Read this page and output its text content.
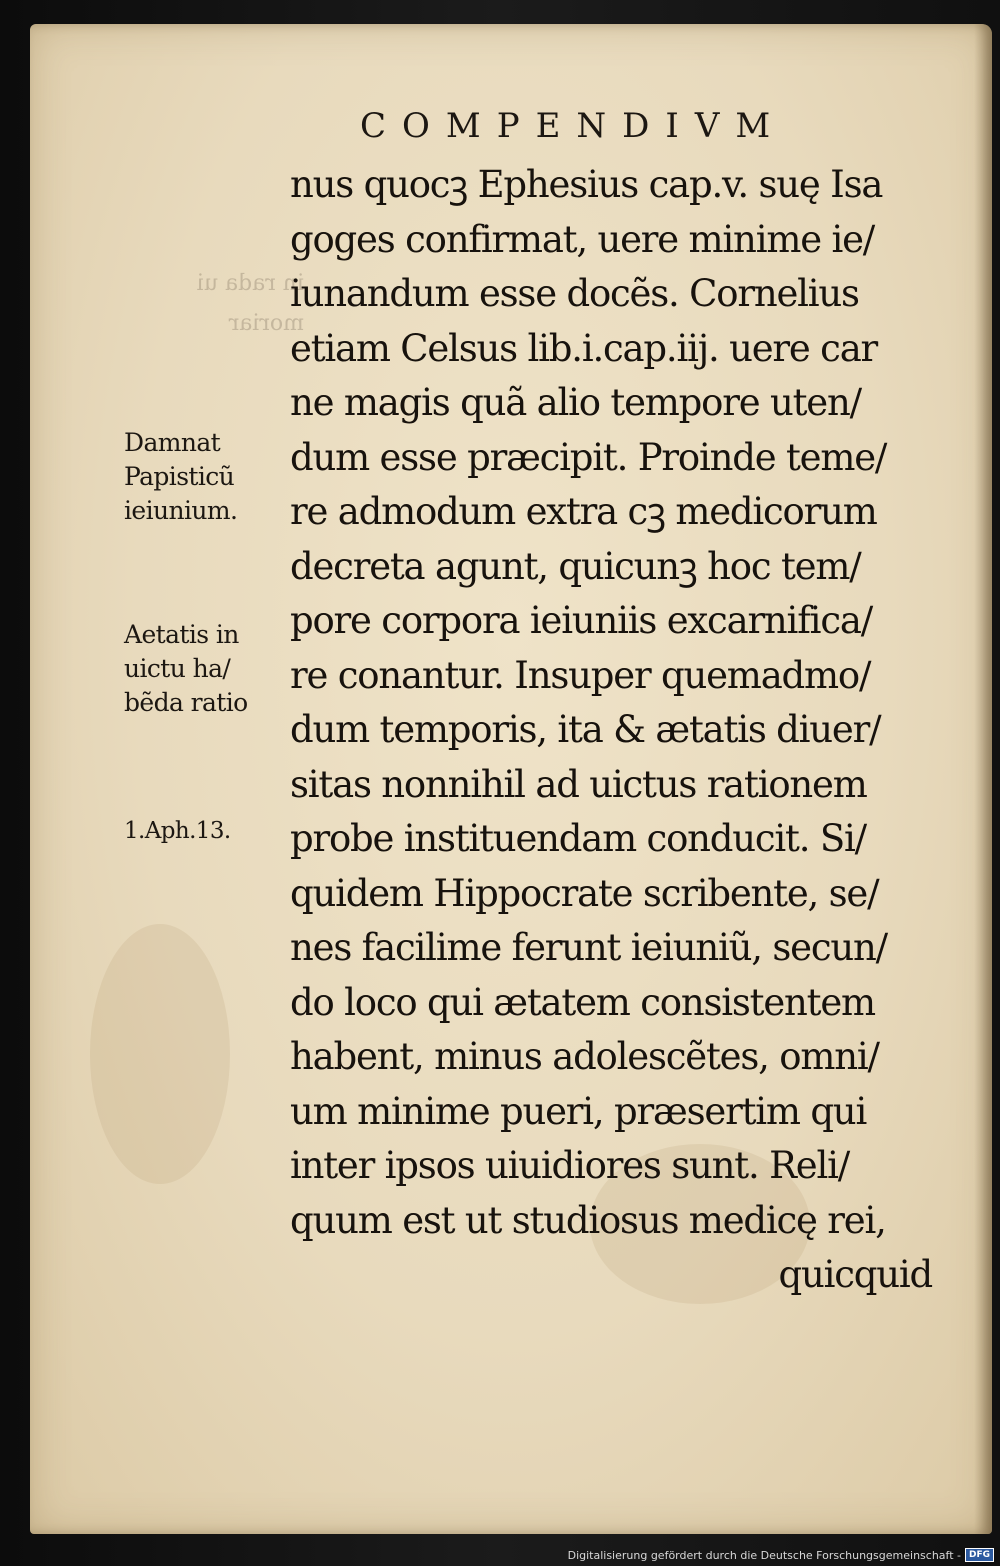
in rada ui
moriar
COMPENDIVM
nus quocꝫ Ephesius cap.v. suę Isa
goges confirmat, uere minime ie/
iunandum esse docẽs. Cornelius
etiam Celsus lib.i.cap.iij. uere car
ne magis quã alio tempore uten/
dum esse præcipit. Proinde teme/
re admodum extra cꝫ medicorum
decreta agunt, quicunꝫ hoc tem/
pore corpora ieiuniis excarnifica/
re conantur. Insuper quemadmo/
dum temporis, ita & ætatis diuer/
sitas nonnihil ad uictus rationem
probe instituendam conducit. Si/
quidem Hippocrate scribente, se/
nes facilime ferunt ieiuniũ, secun/
do loco qui ætatem consistentem
habent, minus adolescẽtes, omni/
um minime pueri, præsertim qui
inter ipsos uiuidiores sunt. Reli/
quum est ut studiosus medicę rei,
quicquid
Damnat
Papisticũ
ieiunium.
Aetatis in
uictu ha/
bẽda ratio
1.Aph.13.
Digitalisierung gefördert durch die Deutsche Forschungsgemeinschaft - DFG
